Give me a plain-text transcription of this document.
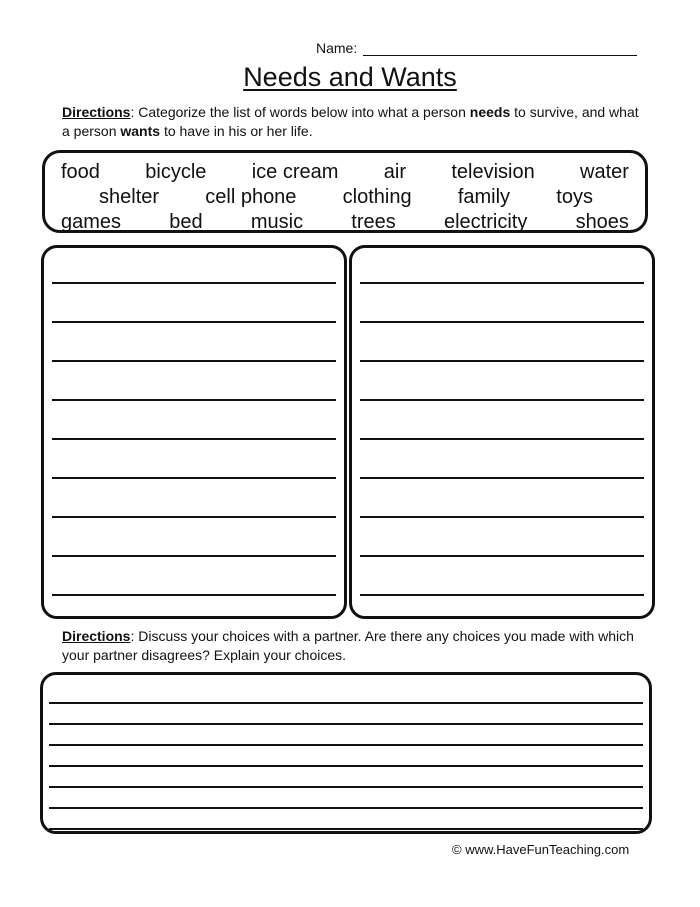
Name:
Needs and Wants
Directions: Categorize the list of words below into what a person needs to survive, and what a person wants to have in his or her life.
food bicycle ice cream air television water
shelter cell phone clothing family toys
games bed music trees electricity shoes
Directions: Discuss your choices with a partner. Are there any choices you made with which your partner disagrees? Explain your choices.
© www.HaveFunTeaching.com
